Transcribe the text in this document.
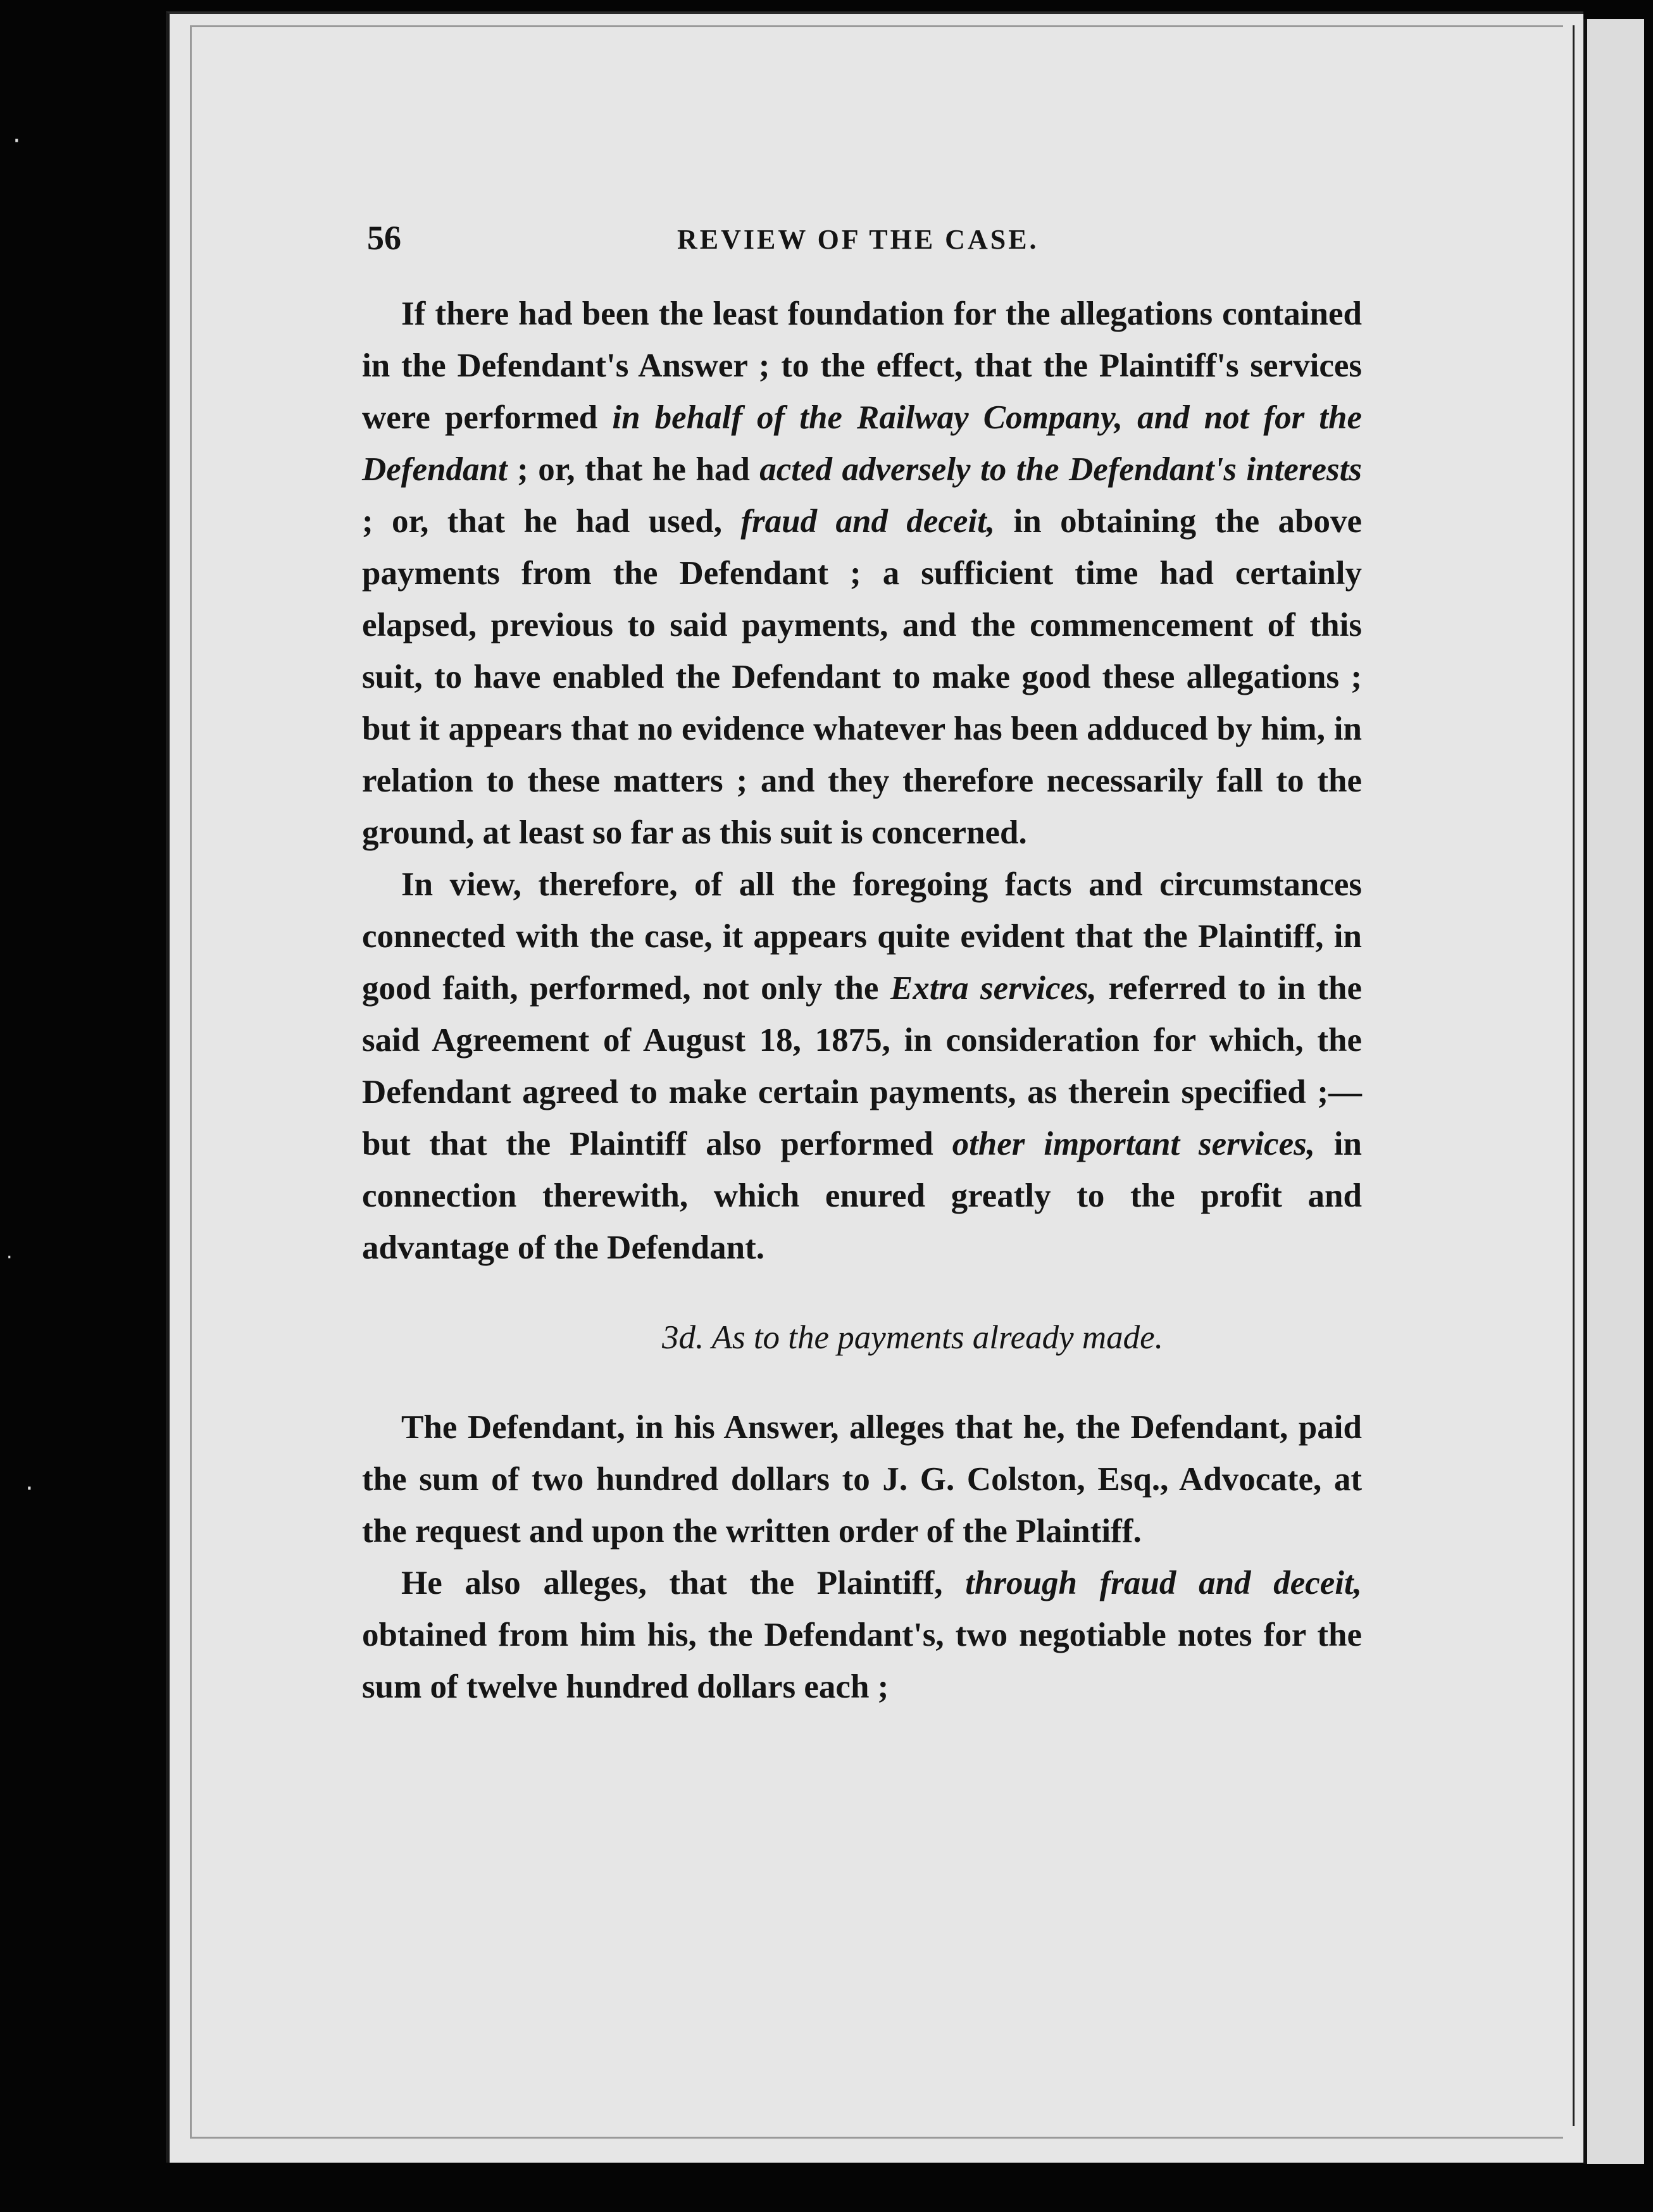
·
·
·
56	REVIEW OF THE CASE.

If there had been the least foundation for the allegations contained in the Defendant's Answer ; to the effect, that the Plaintiff's services were performed in behalf of the Railway Company, and not for the Defendant ; or, that he had acted adversely to the Defendant's interests ; or, that he had used, fraud and deceit, in obtaining the above payments from the Defendant ; a sufficient time had certainly elapsed, previous to said payments, and the commencement of this suit, to have enabled the Defendant to make good these allegations ; but it appears that no evidence whatever has been adduced by him, in relation to these matters ; and they therefore necessarily fall to the ground, at least so far as this suit is concerned.

In view, therefore, of all the foregoing facts and circumstances connected with the case, it appears quite evident that the Plaintiff, in good faith, performed, not only the Extra services, referred to in the said Agreement of August 18, 1875, in consideration for which, the Defendant agreed to make certain payments, as therein specified ;— but that the Plaintiff also performed other important services, in connection therewith, which enured greatly to the profit and advantage of the Defendant.

3d. As to the payments already made.

The Defendant, in his Answer, alleges that he, the Defendant, paid the sum of two hundred dollars to J. G. Colston, Esq., Advocate, at the request and upon the written order of the Plaintiff.

He also alleges, that the Plaintiff, through fraud and deceit, obtained from him his, the Defendant's, two negotiable notes for the sum of twelve hundred dollars each ;
